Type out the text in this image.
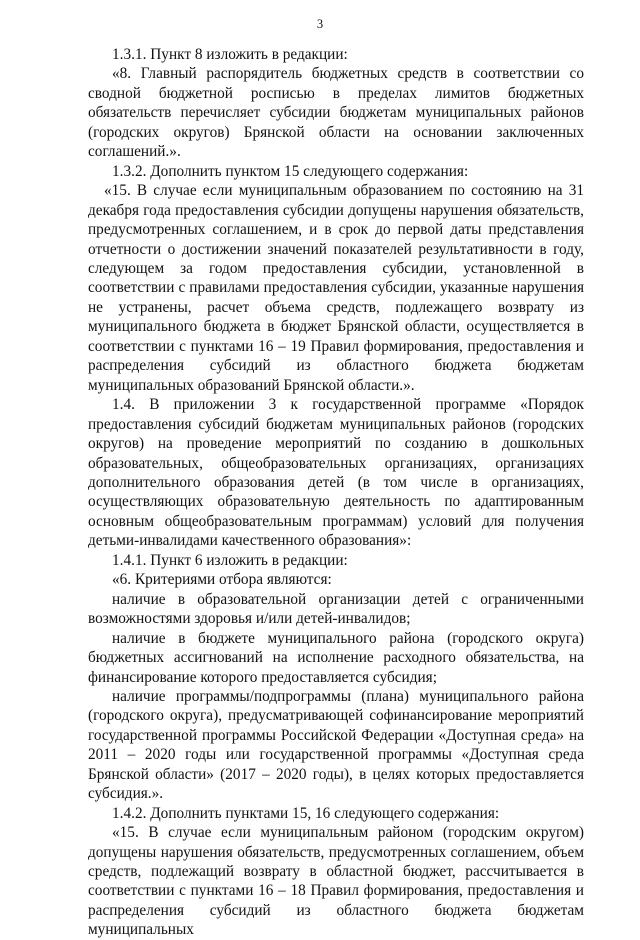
3

1.3.1. Пункт 8 изложить в редакции:

«8. Главный распорядитель бюджетных средств в соответствии со сводной бюджетной росписью в пределах лимитов бюджетных обязательств перечисляет субсидии бюджетам муниципальных районов (городских округов) Брянской области на основании заключенных соглашений.».

1.3.2. Дополнить пунктом 15 следующего содержания:

«15. В случае если муниципальным образованием по состоянию на 31 декабря года предоставления субсидии допущены нарушения обязательств, предусмотренных соглашением, и в срок до первой даты представления отчетности о достижении значений показателей результативности в году, следующем за годом предоставления субсидии, установленной в соответствии с правилами предоставления субсидии, указанные нарушения не устранены, расчет объема средств, подлежащего возврату из муниципального бюджета в бюджет Брянской области, осуществляется в соответствии с пунктами 16 – 19 Правил формирования, предоставления и распределения субсидий из областного бюджета бюджетам муниципальных образований Брянской области.».

1.4. В приложении 3 к государственной программе «Порядок предоставления субсидий бюджетам муниципальных районов (городских округов) на проведение мероприятий по созданию в дошкольных образовательных, общеобразовательных организациях, организациях дополнительного образования детей (в том числе в организациях, осуществляющих образовательную деятельность по адаптированным основным общеобразовательным программам) условий для получения детьми-инвалидами качественного образования»:

1.4.1. Пункт 6 изложить в редакции:

«6. Критериями отбора являются:

наличие в образовательной организации детей с ограниченными возможностями здоровья и/или детей-инвалидов;

наличие в бюджете муниципального района (городского округа) бюджетных ассигнований на исполнение расходного обязательства, на финансирование которого предоставляется субсидия;

наличие программы/подпрограммы (плана) муниципального района (городского округа), предусматривающей софинансирование мероприятий государственной программы Российской Федерации «Доступная среда» на 2011 – 2020 годы или государственной программы «Доступная среда Брянской области» (2017 – 2020 годы), в целях которых предоставляется субсидия.».

1.4.2. Дополнить пунктами 15, 16 следующего содержания:

«15. В случае если муниципальным районом (городским округом) допущены нарушения обязательств, предусмотренных соглашением, объем средств, подлежащий возврату в областной бюджет, рассчитывается в соответствии с пунктами 16 – 18 Правил формирования, предоставления и распределения субсидий из областного бюджета бюджетам муниципальных
